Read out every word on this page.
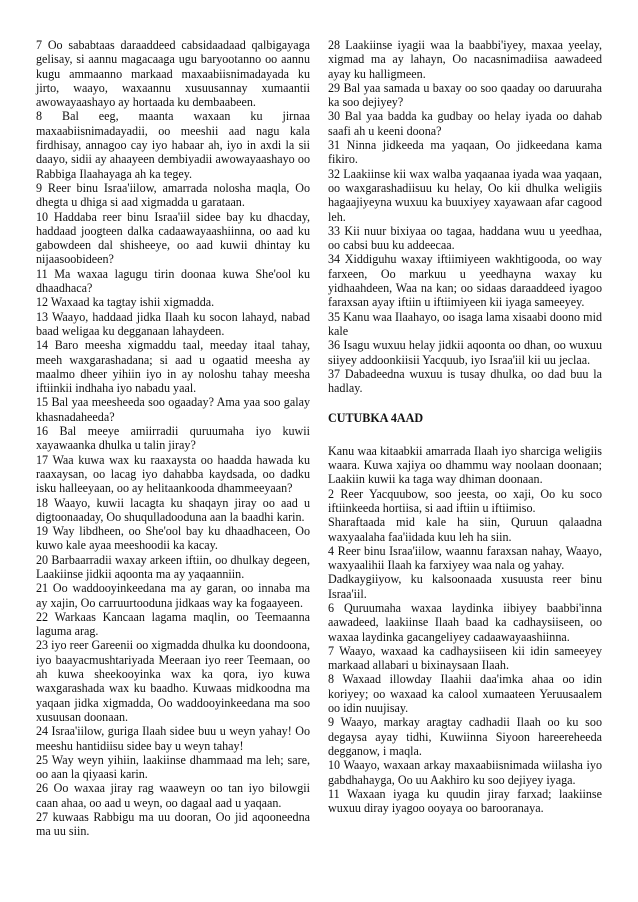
7 Oo sababtaas daraaddeed cabsidaadaad qalbigayaga gelisay, si aannu magacaaga ugu baryootanno oo aannu kugu ammaanno markaad maxaabiisnimadayada ku jirto, waayo, waxaannu xusuusannay xumaantii awowayaashayo ay hortaada ku dembaabeen.

8 Bal eeg, maanta waxaan ku jirnaa maxaabiisnimadayadii, oo meeshii aad nagu kala firdhisay, annagoo cay iyo habaar ah, iyo in axdi la sii daayo, sidii ay ahaayeen dembiyadii awowayaashayo oo Rabbiga Ilaahayaga ah ka tegey.

9 Reer binu Israa'iilow, amarrada nolosha maqla, Oo dhegta u dhiga si aad xigmadda u garataan.

10 Haddaba reer binu Israa'iil sidee bay ku dhacday, haddaad joogteen dalka cadaawayaashiinna, oo aad ku gabowdeen dal shisheeye, oo aad kuwii dhintay ku nijaasoobideen?

11 Ma waxaa lagugu tirin doonaa kuwa She'ool ku dhaadhaca?

12 Waxaad ka tagtay ishii xigmadda.

13 Waayo, haddaad jidka Ilaah ku socon lahayd, nabad baad weligaa ku degganaan lahaydeen.

14 Baro meesha xigmaddu taal, meeday itaal tahay, meeh waxgarashadana; si aad u ogaatid meesha ay maalmo dheer yihiin iyo in ay noloshu tahay meesha iftiinkii indhaha iyo nabadu yaal.

15 Bal yaa meesheeda soo ogaaday? Ama yaa soo galay khasnadaheeda?

16 Bal meeye amiirradii quruumaha iyo kuwii xayawaanka dhulka u talin jiray?

17 Waa kuwa wax ku raaxaysta oo haadda hawada ku raaxaysan, oo lacag iyo dahabba kaydsada, oo dadku isku halleeyaan, oo ay helitaankooda dhammeeyaan?

18 Waayo, kuwii lacagta ku shaqayn jiray oo aad u digtoonaaday, Oo shuqulladooduna aan la baadhi karin.

19 Way libdheen, oo She'ool bay ku dhaadhaceen, Oo kuwo kale ayaa meeshoodii ka kacay.

20 Barbaarradii waxay arkeen iftiin, oo dhulkay degeen, Laakiinse jidkii aqoonta ma ay yaqaanniin.

21 Oo waddooyinkeedana ma ay garan, oo innaba ma ay xajin, Oo carruurtooduna jidkaas way ka fogaayeen.

22 Warkaas Kancaan lagama maqlin, oo Teemaanna laguma arag.

23 iyo reer Gareenii oo xigmadda dhulka ku doondoona, iyo baayacmushtariyada Meeraan iyo reer Teemaan, oo ah kuwa sheekooyinka wax ka qora, iyo kuwa waxgarashada wax ku baadho. Kuwaas midkoodna ma yaqaan jidka xigmadda, Oo waddooyinkeedana ma soo xusuusan doonaan.

24 Israa'iilow, guriga Ilaah sidee buu u weyn yahay! Oo meeshu hantidiisu sidee bay u weyn tahay!

25 Way weyn yihiin, laakiinse dhammaad ma leh; sare, oo aan la qiyaasi karin.

26 Oo waxaa jiray rag waaweyn oo tan iyo bilowgii caan ahaa, oo aad u weyn, oo dagaal aad u yaqaan.

27 kuwaas Rabbigu ma uu dooran, Oo jid aqooneedna ma uu siin.

28 Laakiinse iyagii waa la baabbi'iyey, maxaa yeelay, xigmad ma ay lahayn, Oo nacasnimadiisa aawadeed ayay ku halligmeen.

29 Bal yaa samada u baxay oo soo qaaday oo daruuraha ka soo dejiyey?

30 Bal yaa badda ka gudbay oo helay iyada oo dahab saafi ah u keeni doona?

31 Ninna jidkeeda ma yaqaan, Oo jidkeedana kama fikiro.

32 Laakiinse kii wax walba yaqaanaa iyada waa yaqaan, oo waxgarashadiisuu ku helay, Oo kii dhulka weligiis hagaajiyeyna wuxuu ka buuxiyey xayawaan afar cagood leh.

33 Kii nuur bixiyaa oo tagaa, haddana wuu u yeedhaa, oo cabsi buu ku addeecaa.

34 Xiddiguhu waxay iftiimiyeen wakhtigooda, oo way farxeen, Oo markuu u yeedhayna waxay ku yidhaahdeen, Waa na kan; oo sidaas daraaddeed iyagoo faraxsan ayay iftiin u iftiimiyeen kii iyaga sameeyey.

35 Kanu waa Ilaahayo, oo isaga lama xisaabi doono mid kale

36 Isagu wuxuu helay jidkii aqoonta oo dhan, oo wuxuu siiyey addoonkiisii Yacquub, iyo Israa'iil kii uu jeclaa.

37 Dabadeedna wuxuu is tusay dhulka, oo dad buu la hadlay.

CUTUBKA 4AAD

Kanu waa kitaabkii amarrada Ilaah iyo sharciga weligiis waara. Kuwa xajiya oo dhammu way noolaan doonaan; Laakiin kuwii ka taga way dhiman doonaan.

2 Reer Yacquubow, soo jeesta, oo xaji, Oo ku soco iftiinkeeda hortiisa, si aad iftiin u iftiimiso.

Sharaftaada mid kale ha siin, Quruun qalaadna waxyaalaha faa'iidada kuu leh ha siin.

4 Reer binu Israa'iilow, waannu faraxsan nahay, Waayo, waxyaalihii Ilaah ka farxiyey waa nala og yahay.

Dadkaygiiyow, ku kalsoonaada xusuusta reer binu Israa'iil.

6 Quruumaha waxaa laydinka iibiyey baabbi'inna aawadeed, laakiinse Ilaah baad ka cadhaysiiseen, oo waxaa laydinka gacangeliyey cadaawayaashiinna.

7 Waayo, waxaad ka cadhaysiiseen kii idin sameeyey markaad allabari u bixinaysaan Ilaah.

8 Waxaad illowday Ilaahii daa'imka ahaa oo idin koriyey; oo waxaad ka calool xumaateen Yeruusaalem oo idin nuujisay.

9 Waayo, markay aragtay cadhadii Ilaah oo ku soo degaysa ayay tidhi, Kuwiinna Siyoon hareereheeda degganow, i maqla.

10 Waayo, waxaan arkay maxaabiisnimada wiilasha iyo gabdhahayga, Oo uu Aakhiro ku soo dejiyey iyaga.

11 Waxaan iyaga ku quudin jiray farxad; laakiinse wuxuu diray iyagoo ooyaya oo barooranaya.
